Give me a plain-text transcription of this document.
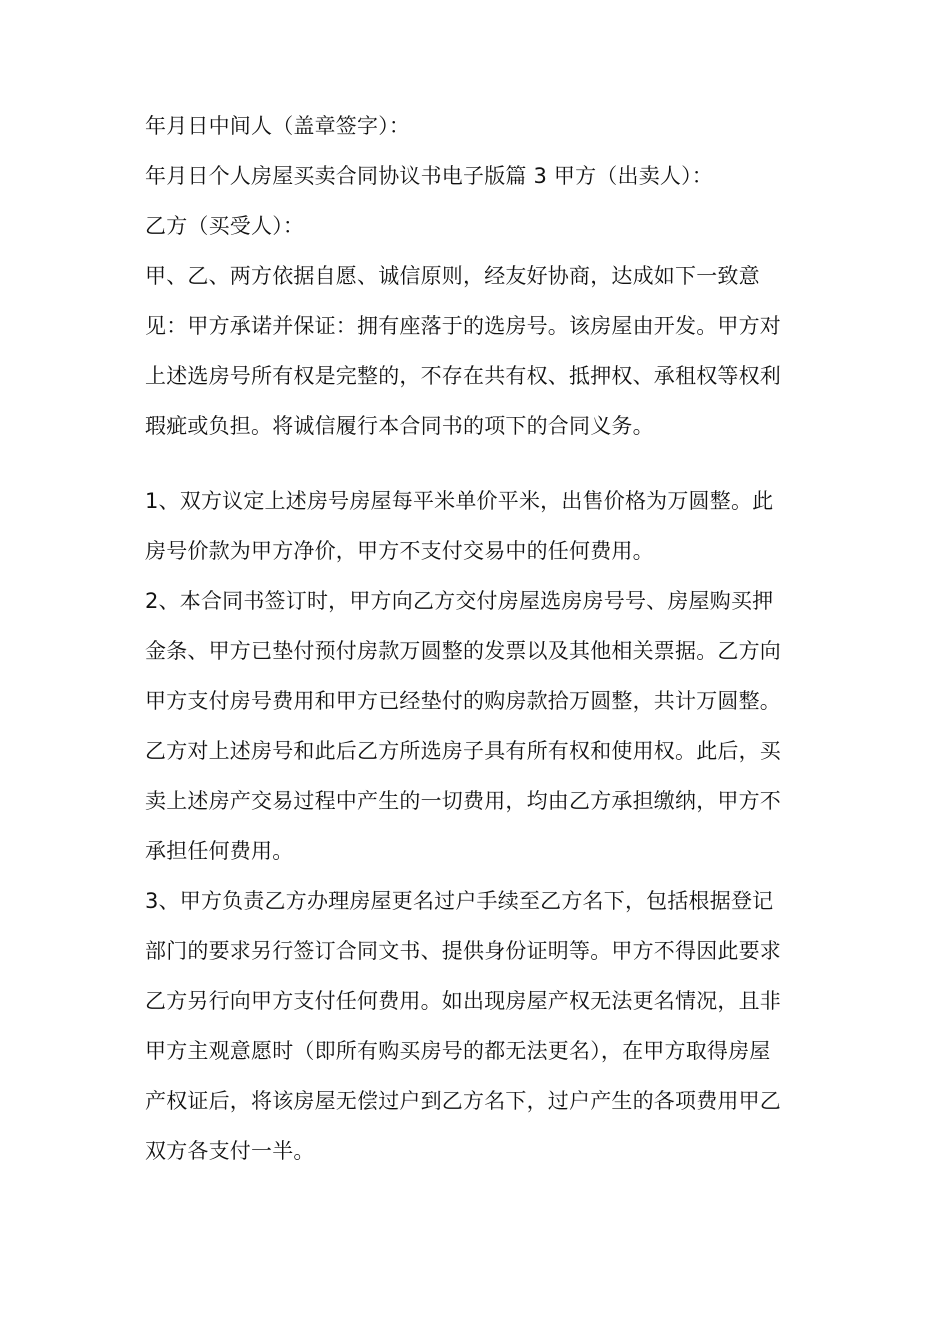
年月日中间人（盖章签字）：
年月日个人房屋买卖合同协议书电子版篇 3 甲方（出卖人）：
乙方（买受人）：
甲、乙、两方依据自愿、诚信原则，经友好协商，达成如下一致意
见：甲方承诺并保证：拥有座落于的选房号。该房屋由开发。甲方对
上述选房号所有权是完整的，不存在共有权、抵押权、承租权等权利
瑕疵或负担。将诚信履行本合同书的项下的合同义务。
1、双方议定上述房号房屋每平米单价平米，出售价格为万圆整。此
房号价款为甲方净价，甲方不支付交易中的任何费用。
2、本合同书签订时，甲方向乙方交付房屋选房房号号、房屋购买押
金条、甲方已垫付预付房款万圆整的发票以及其他相关票据。乙方向
甲方支付房号费用和甲方已经垫付的购房款拾万圆整，共计万圆整。
乙方对上述房号和此后乙方所选房子具有所有权和使用权。此后，买
卖上述房产交易过程中产生的一切费用，均由乙方承担缴纳，甲方不
承担任何费用。
3、甲方负责乙方办理房屋更名过户手续至乙方名下，包括根据登记
部门的要求另行签订合同文书、提供身份证明等。甲方不得因此要求
乙方另行向甲方支付任何费用。如出现房屋产权无法更名情况，且非
甲方主观意愿时（即所有购买房号的都无法更名），在甲方取得房屋
产权证后，将该房屋无偿过户到乙方名下，过户产生的各项费用甲乙
双方各支付一半。
